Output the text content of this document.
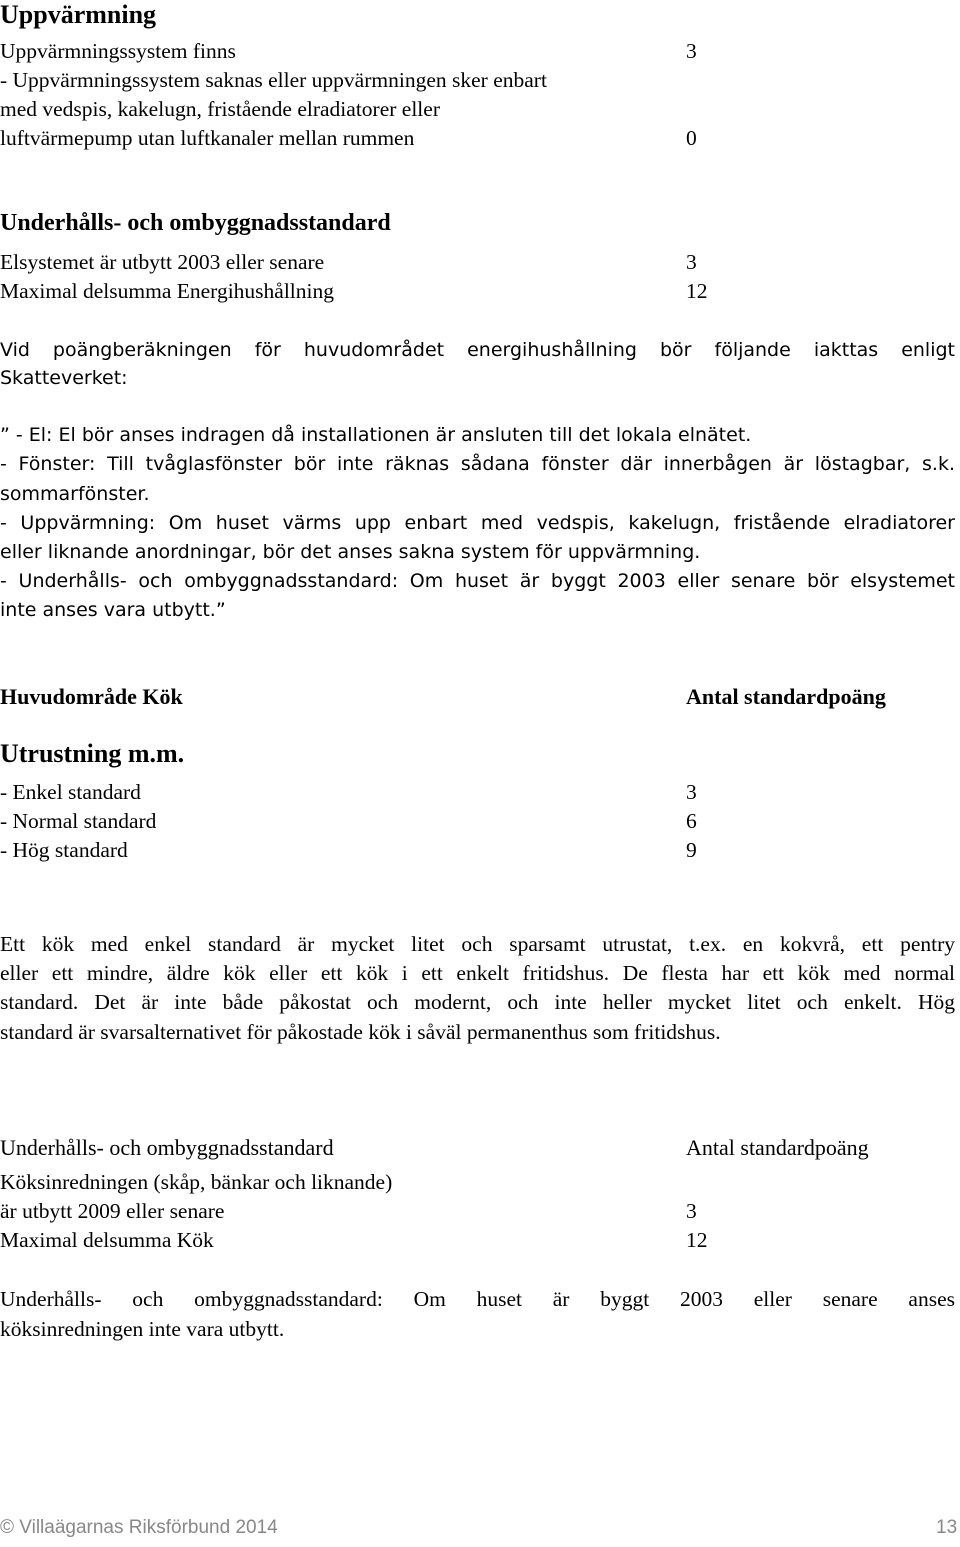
Uppvärmning
Uppvärmningssystem finns	3
- Uppvärmningssystem saknas eller uppvärmningen sker enbart
med vedspis, kakelugn, fristående elradiatorer eller
luftvärmepump utan luftkanaler mellan rummen	0
Underhålls- och ombyggnadsstandard
Elsystemet är utbytt 2003 eller senare	3
Maximal delsumma Energihushållning	12
Vid poängberäkningen för huvudområdet energihushållning bör följande iakttas enligt
Skatteverket:
” - El: El bör anses indragen då installationen är ansluten till det lokala elnätet.
- Fönster: Till tvåglasfönster bör inte räknas sådana fönster där innerbågen är löstagbar, s.k.
sommarfönster.
- Uppvärmning: Om huset värms upp enbart med vedspis, kakelugn, fristående elradiatorer
eller liknande anordningar, bör det anses sakna system för uppvärmning.
- Underhålls- och ombyggnadsstandard: Om huset är byggt 2003 eller senare bör elsystemet
inte anses vara utbytt.”
Huvudområde Kök	Antal standardpoäng
Utrustning m.m.
- Enkel standard	3
- Normal standard	6
- Hög standard	9
Ett kök med enkel standard är mycket litet och sparsamt utrustat, t.ex. en kokvrå, ett pentry
eller ett mindre, äldre kök eller ett kök i ett enkelt fritidshus. De flesta har ett kök med normal
standard. Det är inte både påkostat och modernt, och inte heller mycket litet och enkelt. Hög
standard är svarsalternativet för påkostade kök i såväl permanenthus som fritidshus.
Underhålls- och ombyggnadsstandard	Antal standardpoäng
Köksinredningen (skåp, bänkar och liknande)
är utbytt 2009 eller senare	3
Maximal delsumma Kök	12
Underhålls- och ombyggnadsstandard: Om huset är byggt 2003 eller senare anses
köksinredningen inte vara utbytt.
© Villaägarnas Riksförbund 2014	13
